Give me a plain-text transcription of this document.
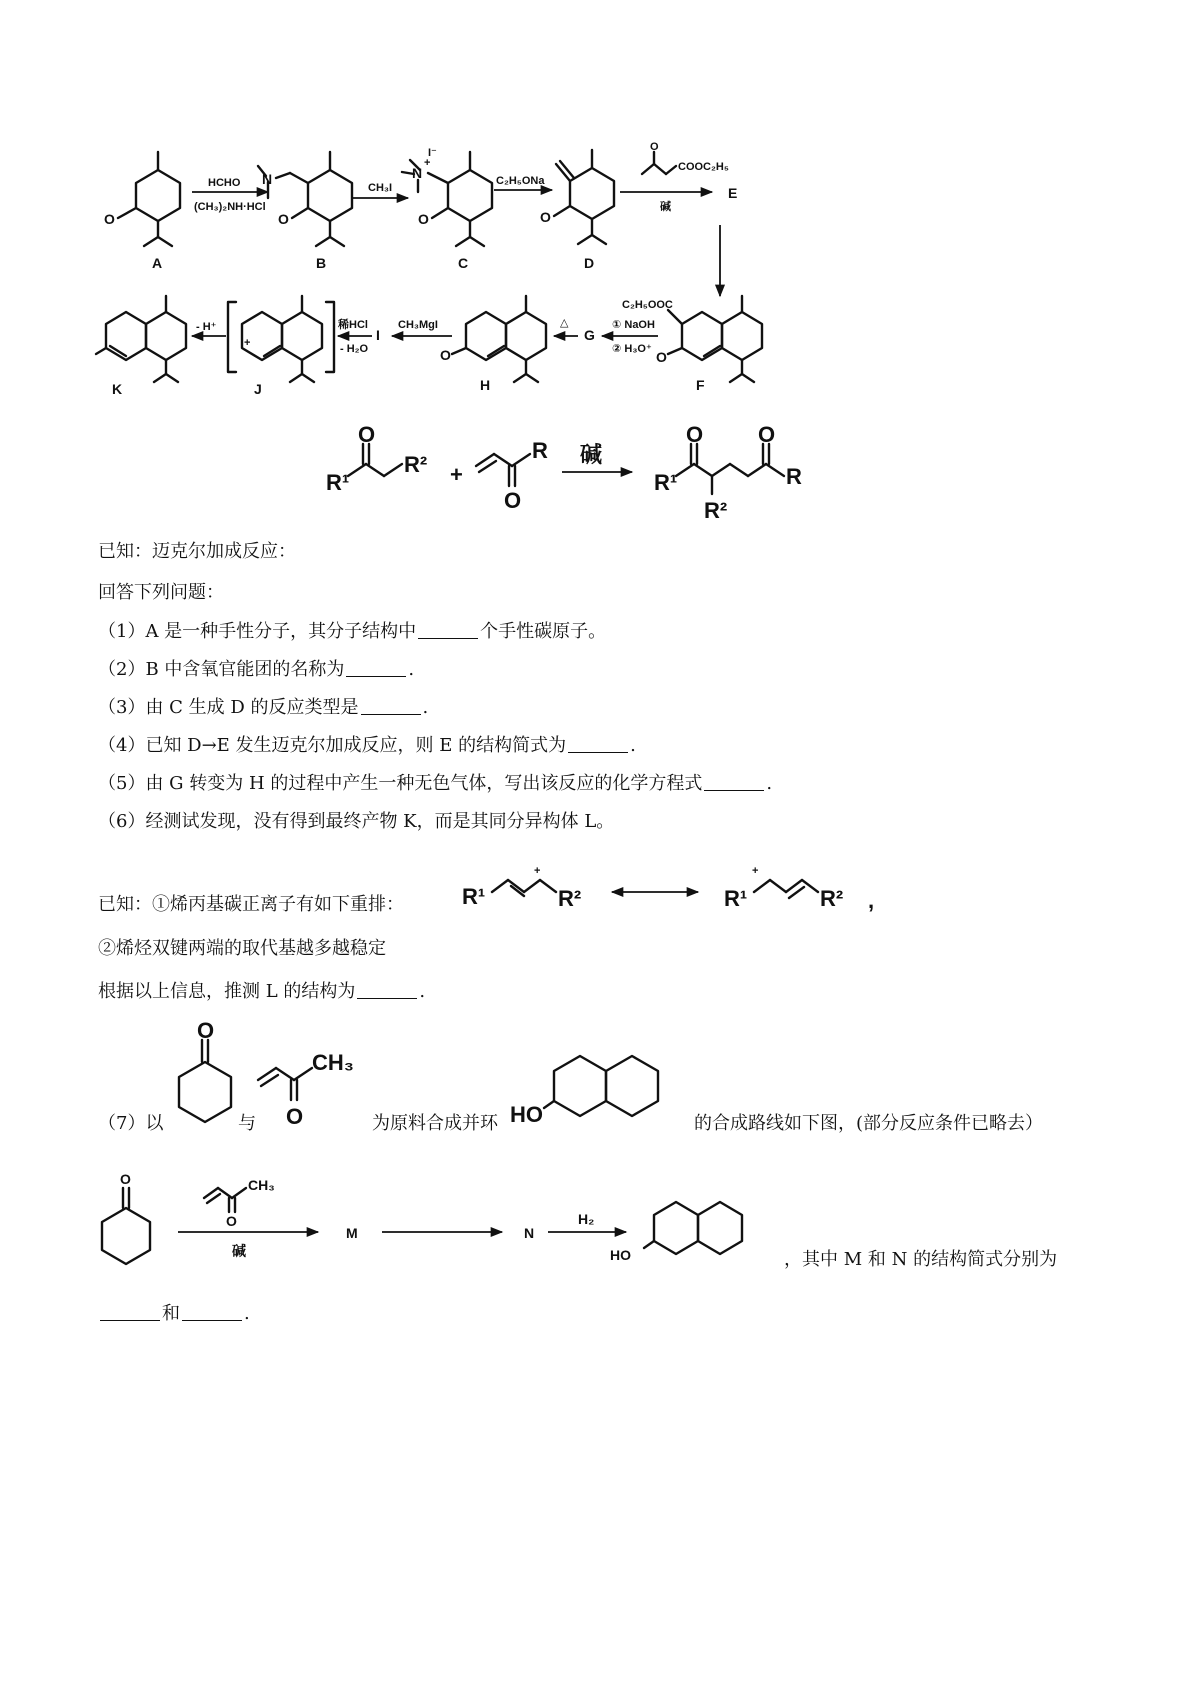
O
A
HCHO
(CH₃)₂NH·HCl
N
O
B
CH₃I
N
+
I⁻
O
C
C₂H₅ONa
O
D
O
COOC₂H₅
碱
E
K
- H⁺
+
J
稀HCl
- H₂O
I
CH₃MgI
O
H
△
G
① NaOH
② H₃O⁺
C₂H₅OOC
O
F
O
R¹
R² +
O
R 碱
O O
R¹
R²
R
已知：迈克尔加成反应：
回答下列问题：
（1）A 是一种手性分子，其分子结构中	个手性碳原子。
（2）B 中含氧官能团的名称为	.
（3）由 C 生成 D 的反应类型是	.
（4）已知 D→E 发生迈克尔加成反应，则 E 的结构简式为	.
（5）由 G 转变为 H 的过程中产生一种无色气体，写出该反应的化学方程式	.
（6）经测试发现，没有得到最终产物 K，而是其同分异构体 L。
已知：①烯丙基碳正离子有如下重排：	R¹
+
R²	R¹
+
R² ,
②烯烃双键两端的取代基越多越稳定
根据以上信息，推测 L 的结构为	.
（7）以
O
与 O
CH₃
为原料合成并环 HO	的合成路线如下图，(部分反应条件已略去）
O
O
CH₃
碱
M	N
H₂
HO	，其中 M 和 N 的结构简式分别为
和	.
